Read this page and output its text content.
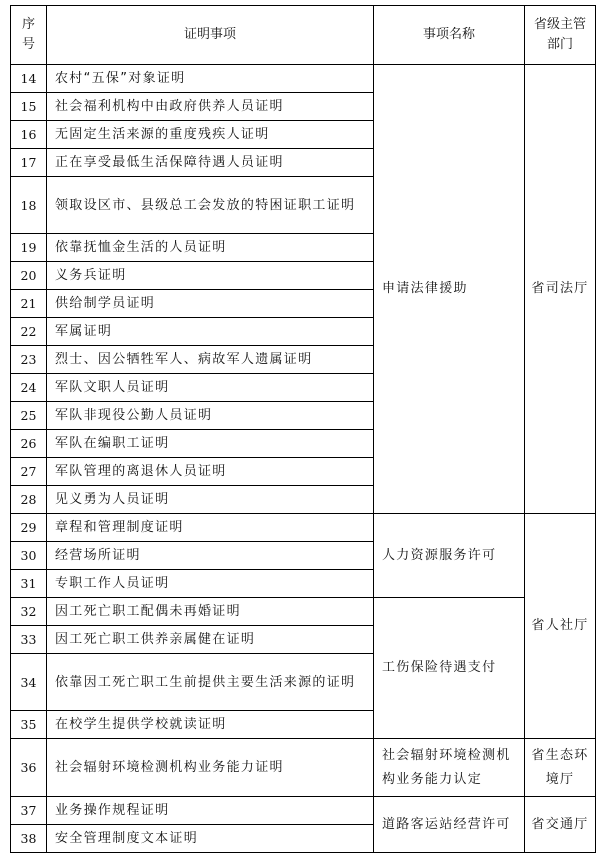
序
号	证明事项	事项名称	省级主管
部门
14	农村“五保”对象证明	申请法律援助	省司法厅
15	社会福利机构中由政府供养人员证明		
16	无固定生活来源的重度残疾人证明		
17	正在享受最低生活保障待遇人员证明		
18	领取设区市、县级总工会发放的特困证职工证明		
19	依靠抚恤金生活的人员证明		
20	义务兵证明		
21	供给制学员证明		
22	军属证明		
23	烈士、因公牺牲军人、病故军人遗属证明		
24	军队文职人员证明		
25	军队非现役公勤人员证明		
26	军队在编职工证明		
27	军队管理的离退休人员证明		
28	见义勇为人员证明		
29	章程和管理制度证明	人力资源服务许可	省人社厅
30	经营场所证明		
31	专职工作人员证明		
32	因工死亡职工配偶未再婚证明	工伤保险待遇支付	
33	因工死亡职工供养亲属健在证明		
34	依靠因工死亡职工生前提供主要生活来源的证明		
35	在校学生提供学校就读证明		
36	社会辐射环境检测机构业务能力证明	社会辐射环境检测机构业务能力认定	省生态环境厅
37	业务操作规程证明	道路客运站经营许可	省交通厅
38	安全管理制度文本证明		
